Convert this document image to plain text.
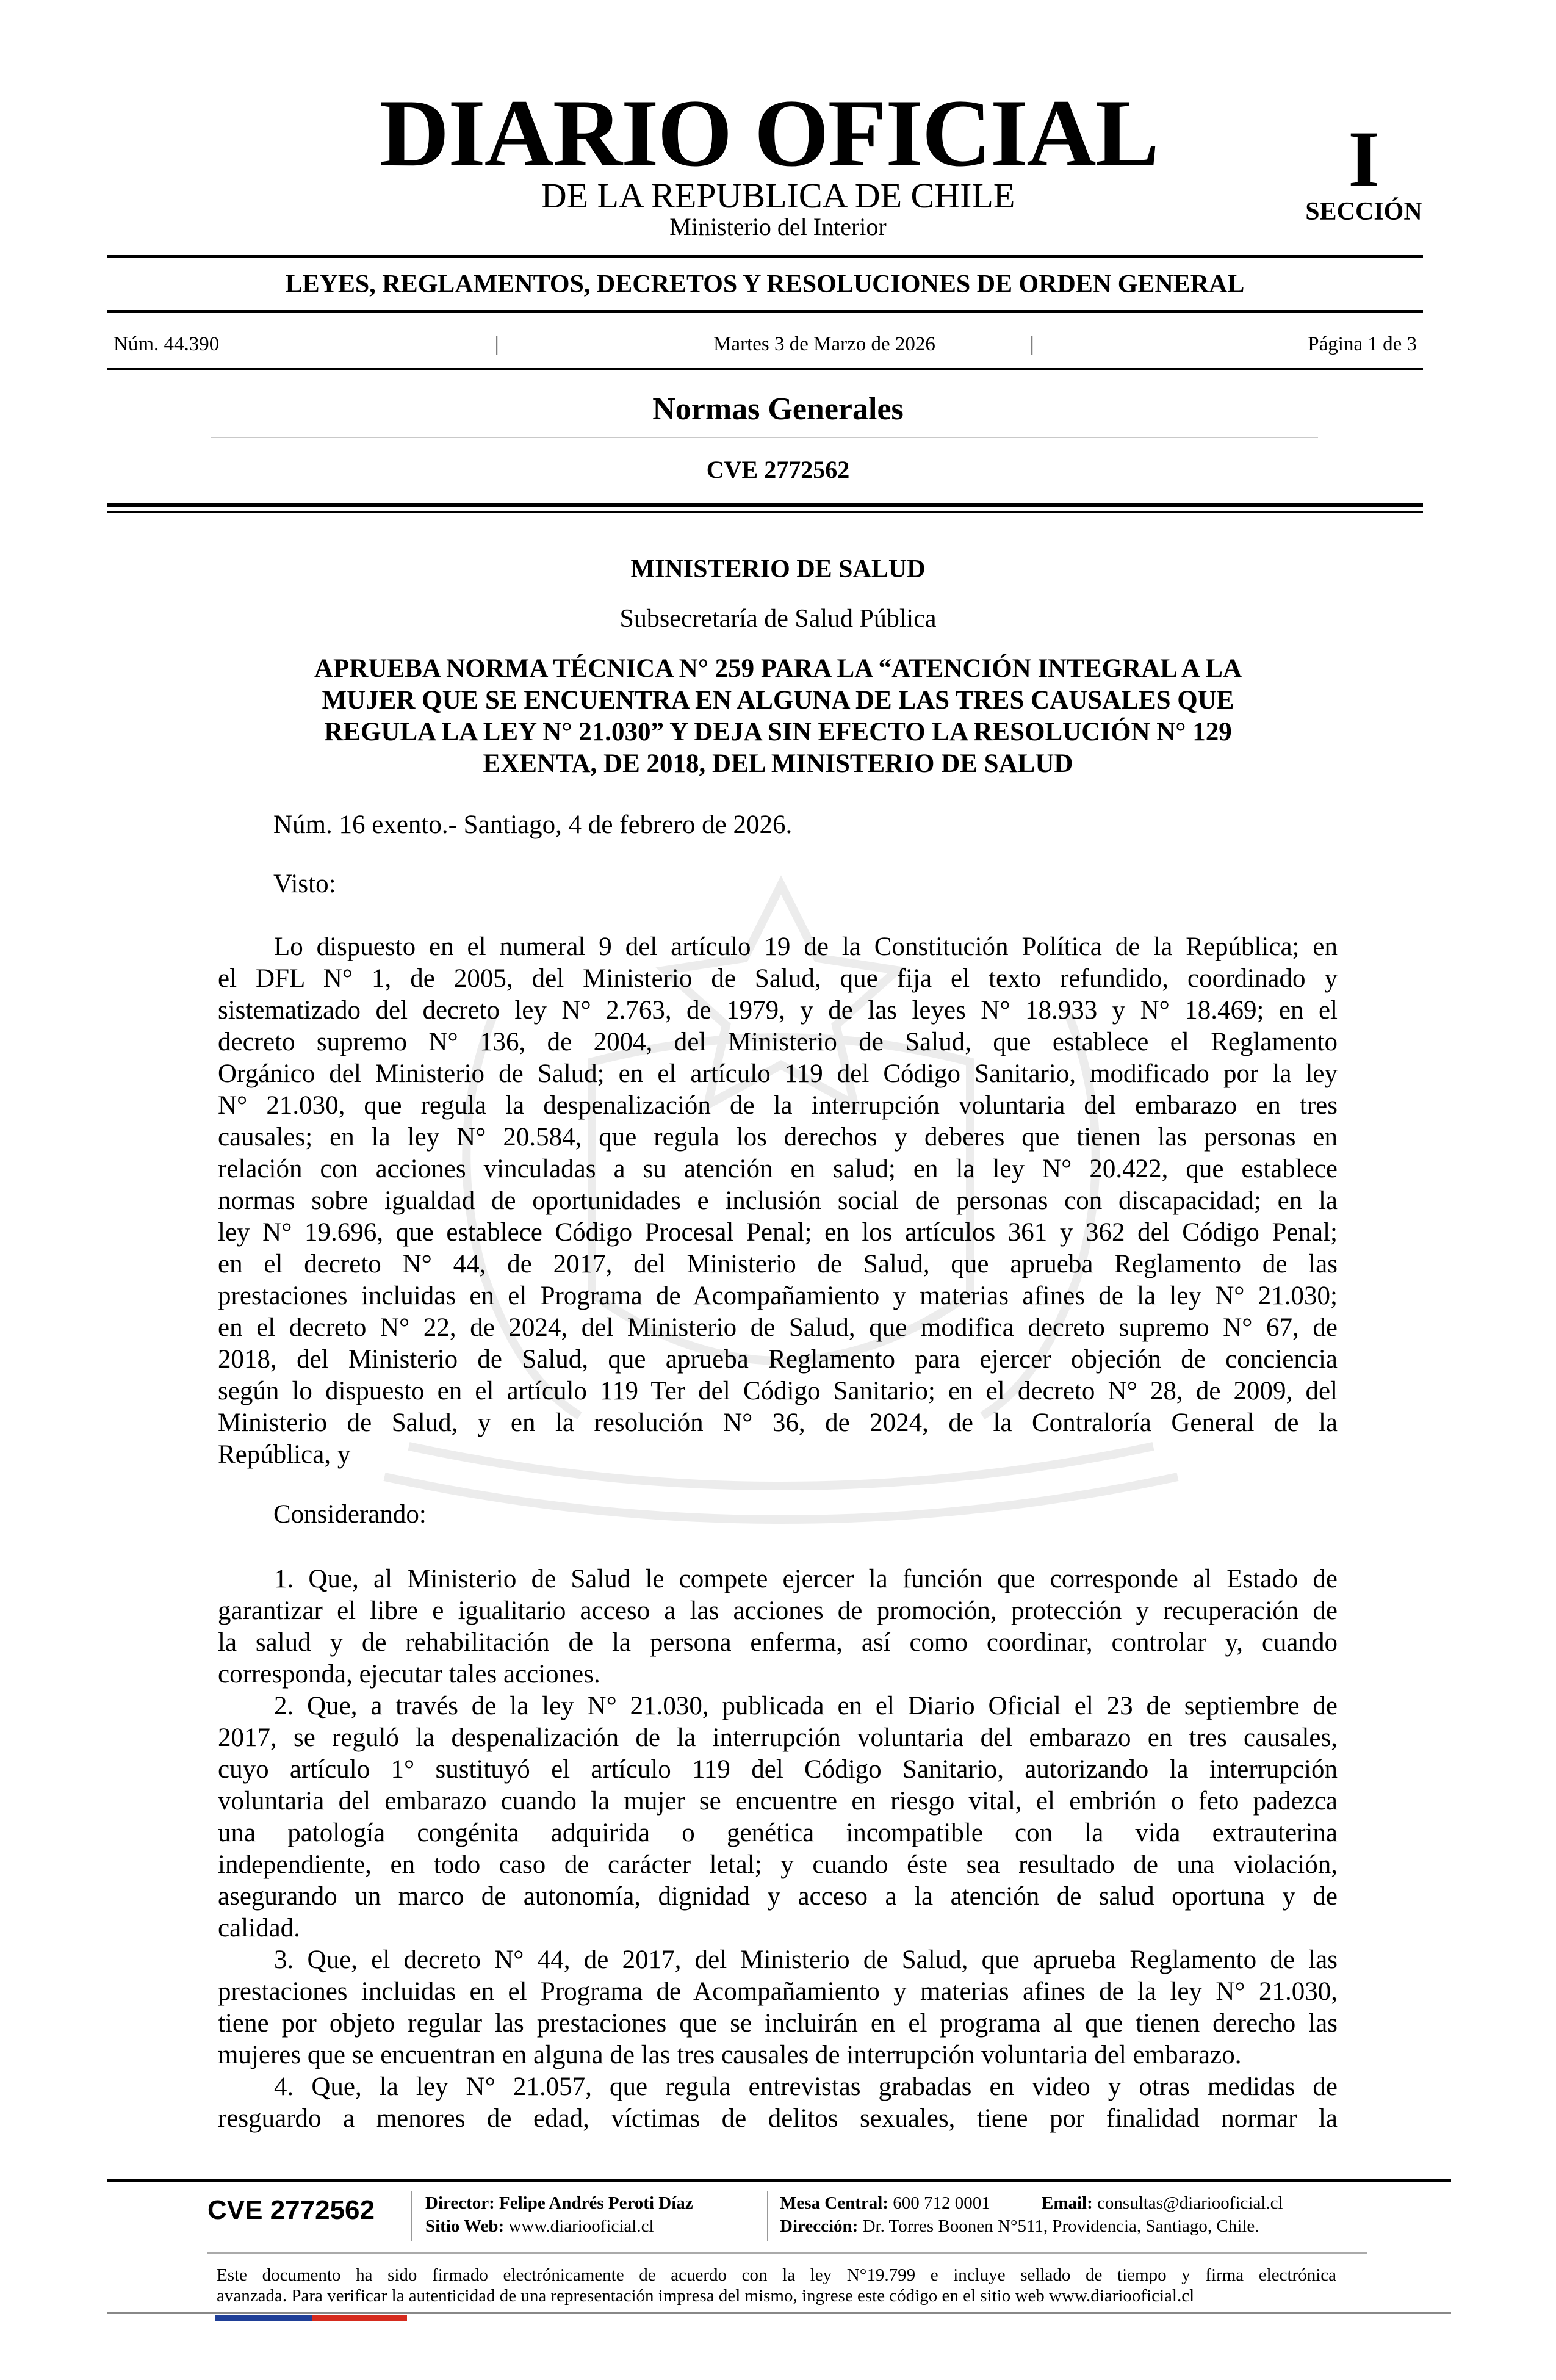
DIARIO OFICIAL
DE LA REPUBLICA DE CHILE
Ministerio del Interior
I
SECCIÓN
LEYES, REGLAMENTOS, DECRETOS Y RESOLUCIONES DE ORDEN GENERAL
Núm. 44.390	|	Martes 3 de Marzo de 2026	|	Página 1 de 3
Normas Generales
CVE 2772562
MINISTERIO DE SALUD
Subsecretaría de Salud Pública
APRUEBA NORMA TÉCNICA N° 259 PARA LA “ATENCIÓN INTEGRAL A LA
MUJER QUE SE ENCUENTRA EN ALGUNA DE LAS TRES CAUSALES QUE
REGULA LA LEY N° 21.030” Y DEJA SIN EFECTO LA RESOLUCIÓN N° 129
EXENTA, DE 2018, DEL MINISTERIO DE SALUD
Núm. 16 exento.- Santiago, 4 de febrero de 2026.
Visto:
Lo dispuesto en el numeral 9 del artículo 19 de la Constitución Política de la República; en
el DFL N° 1, de 2005, del Ministerio de Salud, que fija el texto refundido, coordinado y
sistematizado del decreto ley N° 2.763, de 1979, y de las leyes N° 18.933 y N° 18.469; en el
decreto supremo N° 136, de 2004, del Ministerio de Salud, que establece el Reglamento
Orgánico del Ministerio de Salud; en el artículo 119 del Código Sanitario, modificado por la ley
N° 21.030, que regula la despenalización de la interrupción voluntaria del embarazo en tres
causales; en la ley N° 20.584, que regula los derechos y deberes que tienen las personas en
relación con acciones vinculadas a su atención en salud; en la ley N° 20.422, que establece
normas sobre igualdad de oportunidades e inclusión social de personas con discapacidad; en la
ley N° 19.696, que establece Código Procesal Penal; en los artículos 361 y 362 del Código Penal;
en el decreto N° 44, de 2017, del Ministerio de Salud, que aprueba Reglamento de las
prestaciones incluidas en el Programa de Acompañamiento y materias afines de la ley N° 21.030;
en el decreto N° 22, de 2024, del Ministerio de Salud, que modifica decreto supremo N° 67, de
2018, del Ministerio de Salud, que aprueba Reglamento para ejercer objeción de conciencia
según lo dispuesto en el artículo 119 Ter del Código Sanitario; en el decreto N° 28, de 2009, del
Ministerio de Salud, y en la resolución N° 36, de 2024, de la Contraloría General de la
República, y
Considerando:
1. Que, al Ministerio de Salud le compete ejercer la función que corresponde al Estado de
garantizar el libre e igualitario acceso a las acciones de promoción, protección y recuperación de
la salud y de rehabilitación de la persona enferma, así como coordinar, controlar y, cuando
corresponda, ejecutar tales acciones.
2. Que, a través de la ley N° 21.030, publicada en el Diario Oficial el 23 de septiembre de
2017, se reguló la despenalización de la interrupción voluntaria del embarazo en tres causales,
cuyo artículo 1° sustituyó el artículo 119 del Código Sanitario, autorizando la interrupción
voluntaria del embarazo cuando la mujer se encuentre en riesgo vital, el embrión o feto padezca
una patología congénita adquirida o genética incompatible con la vida extrauterina
independiente, en todo caso de carácter letal; y cuando éste sea resultado de una violación,
asegurando un marco de autonomía, dignidad y acceso a la atención de salud oportuna y de
calidad.
3. Que, el decreto N° 44, de 2017, del Ministerio de Salud, que aprueba Reglamento de las
prestaciones incluidas en el Programa de Acompañamiento y materias afines de la ley N° 21.030,
tiene por objeto regular las prestaciones que se incluirán en el programa al que tienen derecho las
mujeres que se encuentran en alguna de las tres causales de interrupción voluntaria del embarazo.
4. Que, la ley N° 21.057, que regula entrevistas grabadas en video y otras medidas de
resguardo a menores de edad, víctimas de delitos sexuales, tiene por finalidad normar la
CVE 2772562	Director: Felipe Andrés Peroti Díaz
Sitio Web: www.diariooficial.cl
Mesa Central: 600 712 0001	Email: consultas@diariooficial.cl
Dirección: Dr. Torres Boonen N°511, Providencia, Santiago, Chile.
Este documento ha sido firmado electrónicamente de acuerdo con la ley N°19.799 e incluye sellado de tiempo y firma electrónica
avanzada. Para verificar la autenticidad de una representación impresa del mismo, ingrese este código en el sitio web www.diariooficial.cl
